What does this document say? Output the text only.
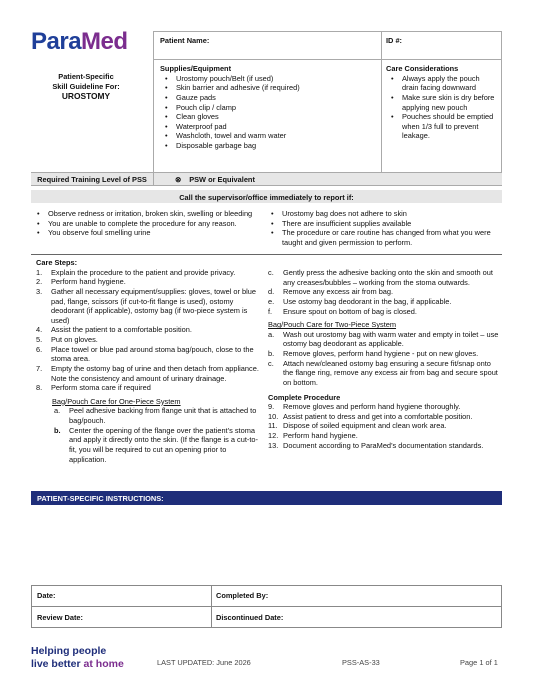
ParaMed	Patient Name:	ID #:
Patient-Specific
Skill Guideline For:
UROSTOMY
Supplies/Equipment
• Urostomy pouch/Belt (if used)
• Skin barrier and adhesive (if required)
• Gauze pads
• Pouch clip / clamp
• Clean gloves
• Waterproof pad
• Washcloth, towel and warm water
• Disposable garbage bag
Care Considerations
• Always apply the pouch drain facing downward
• Make sure skin is dry before applying new pouch
• Pouches should be emptied when 1/3 full to prevent leakage.
Required Training Level of PSS	⊗ PSW or Equivalent
Call the supervisor/office immediately to report if:
• Observe redness or irritation, broken skin, swelling or bleeding
• You are unable to complete the procedure for any reason.
• You observe foul smelling urine
• Urostomy bag does not adhere to skin
• There are insufficient supplies available
• The procedure or care routine has changed from what you were taught and given permission to perform.
Care Steps:
1.	Explain the procedure to the patient and provide privacy.
2.	Perform hand hygiene.
3.	Gather all necessary equipment/supplies: gloves, towel or blue pad, flange, scissors (if cut-to-fit flange is used), ostomy deodorant (if applicable), ostomy bag (if two-piece system is used)
4.	Assist the patient to a comfortable position.
5.	Put on gloves.
6.	Place towel or blue pad around stoma bag/pouch, close to the stoma area.
7.	Empty the ostomy bag of urine and then detach from appliance. Note the consistency and amount of urinary drainage.
8.	Perform stoma care if required
Bag/Pouch Care for One-Piece System
a.	Peel adhesive backing from flange unit that is attached to bag/pouch.
b.	Center the opening of the flange over the patient’s stoma and apply it directly onto the skin. (If the flange is a cut-to-fit, you will be required to cut an opening prior to application.
c.	Gently press the adhesive backing onto the skin and smooth out any creases/bubbles – working from the stoma outwards.
d.	Remove any excess air from bag.
e.	Use ostomy bag deodorant in the bag, if applicable.
f.	Ensure spout on bottom of bag is closed.
Bag/Pouch Care for Two-Piece System
a.	Wash out urostomy bag with warm water and empty in toilet – use ostomy bag deodorant as applicable.
b.	Remove gloves, perform hand hygiene - put on new gloves.
c.	Attach new/cleaned ostomy bag ensuring a secure fit/snap onto the flange ring, remove any excess air from bag and secure spout on bottom.
Complete Procedure
9.	Remove gloves and perform hand hygiene thoroughly.
10. Assist patient to dress and get into a comfortable position.
11. Dispose of soiled equipment and clean work area.
12. Perform hand hygiene.
13. Document according to ParaMed’s documentation standards.
PATIENT-SPECIFIC INSTRUCTIONS:
Date:	Completed By:
Review Date:	Discontinued Date:
Helping people
live better at home	LAST UPDATED: June 2026	PSS-AS-33	Page 1 of 1
